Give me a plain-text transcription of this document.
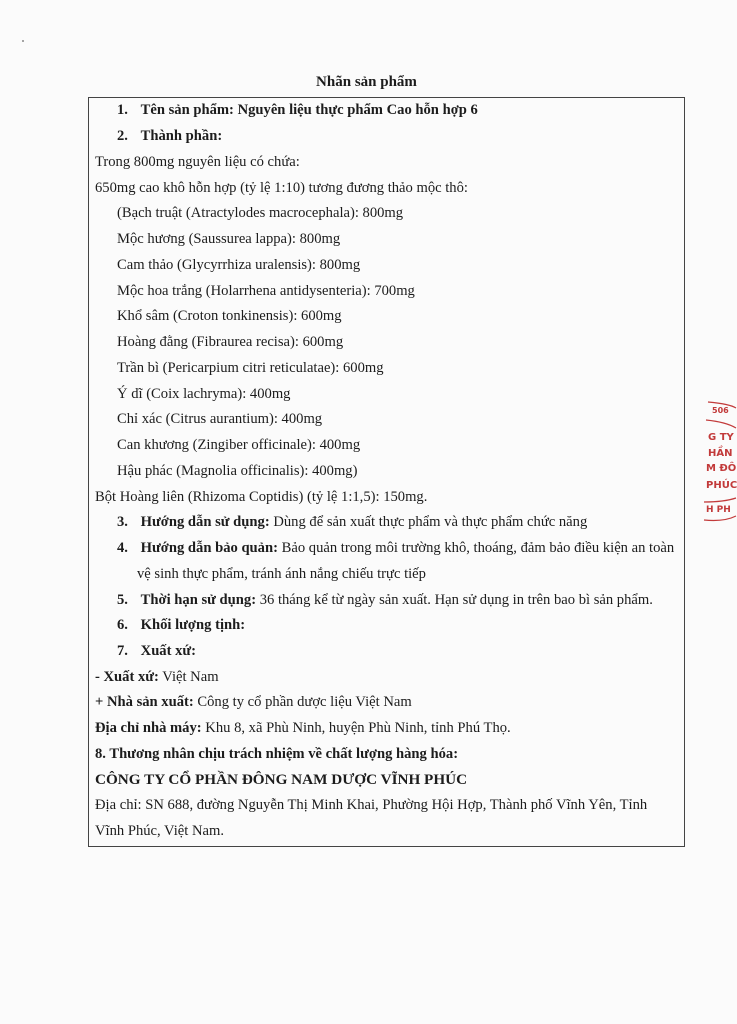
Nhãn sản phẩm
1. Tên sản phẩm: Nguyên liệu thực phẩm Cao hỗn hợp 6
2. Thành phần:
Trong 800mg nguyên liệu có chứa:
650mg cao khô hỗn hợp (tỷ lệ 1:10) tương đương thảo mộc thô:
(Bạch truật (Atractylodes macrocephala): 800mg
Mộc hương (Saussurea lappa): 800mg
Cam thảo (Glycyrrhiza uralensis): 800mg
Mộc hoa trắng (Holarrhena antidysenteria): 700mg
Khổ sâm (Croton tonkinensis): 600mg
Hoàng đằng (Fibraurea recisa): 600mg
Trần bì (Pericarpium citri reticulatae): 600mg
Ý dĩ (Coix lachryma): 400mg
Chỉ xác (Citrus aurantium): 400mg
Can khương (Zingiber officinale): 400mg
Hậu phác (Magnolia officinalis): 400mg)
Bột Hoàng liên (Rhizoma Coptidis) (tỷ lệ 1:1,5): 150mg.
3. Hướng dẫn sử dụng: Dùng để sản xuất thực phẩm và thực phẩm chức năng
4. Hướng dẫn bảo quản: Bảo quản trong môi trường khô, thoáng, đảm bảo điều kiện an toàn
vệ sinh thực phẩm, tránh ánh nắng chiếu trực tiếp
5. Thời hạn sử dụng: 36 tháng kể từ ngày sản xuất. Hạn sử dụng in trên bao bì sản phẩm.
6. Khối lượng tịnh:
7. Xuất xứ:
- Xuất xứ: Việt Nam
+ Nhà sản xuất: Công ty cổ phần dược liệu Việt Nam
Địa chỉ nhà máy: Khu 8, xã Phù Ninh, huyện Phù Ninh, tỉnh Phú Thọ.
8. Thương nhân chịu trách nhiệm về chất lượng hàng hóa:
CÔNG TY CỔ PHẦN ĐÔNG NAM DƯỢC VĨNH PHÚC
Địa chỉ: SN 688, đường Nguyễn Thị Minh Khai, Phường Hội Hợp, Thành phố Vĩnh Yên, Tỉnh
Vĩnh Phúc, Việt Nam.
506
G TY
HẦN
M ĐÔ
PHÚC
H PH
